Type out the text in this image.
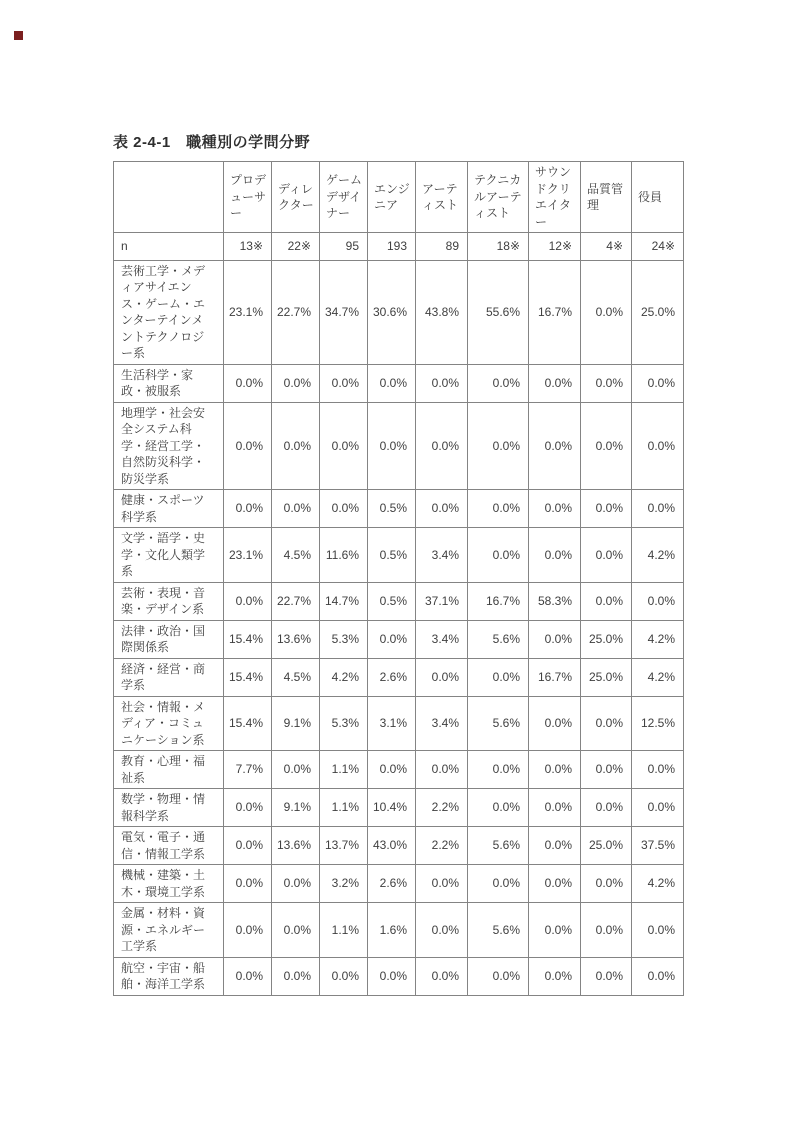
表 2-4-1　職種別の学問分野
	プロデューサー	ディレクター	ゲームデザイナー	エンジニア	アーティスト	テクニカルアーティスト	サウンドクリエイター	品質管理	役員
n	13※	22※	95	193	89	18※	12※	4※	24※
芸術工学・メディアサイエンス・ゲーム・エンターテインメントテクノロジー系	23.1%	22.7%	34.7%	30.6%	43.8%	55.6%	16.7%	0.0%	25.0%
生活科学・家政・被服系	0.0%	0.0%	0.0%	0.0%	0.0%	0.0%	0.0%	0.0%	0.0%
地理学・社会安全システム科学・経営工学・自然防災科学・防災学系	0.0%	0.0%	0.0%	0.0%	0.0%	0.0%	0.0%	0.0%	0.0%
健康・スポーツ科学系	0.0%	0.0%	0.0%	0.5%	0.0%	0.0%	0.0%	0.0%	0.0%
文学・語学・史学・文化人類学系	23.1%	4.5%	11.6%	0.5%	3.4%	0.0%	0.0%	0.0%	4.2%
芸術・表現・音楽・デザイン系	0.0%	22.7%	14.7%	0.5%	37.1%	16.7%	58.3%	0.0%	0.0%
法律・政治・国際関係系	15.4%	13.6%	5.3%	0.0%	3.4%	5.6%	0.0%	25.0%	4.2%
経済・経営・商学系	15.4%	4.5%	4.2%	2.6%	0.0%	0.0%	16.7%	25.0%	4.2%
社会・情報・メディア・コミュニケーション系	15.4%	9.1%	5.3%	3.1%	3.4%	5.6%	0.0%	0.0%	12.5%
教育・心理・福祉系	7.7%	0.0%	1.1%	0.0%	0.0%	0.0%	0.0%	0.0%	0.0%
数学・物理・情報科学系	0.0%	9.1%	1.1%	10.4%	2.2%	0.0%	0.0%	0.0%	0.0%
電気・電子・通信・情報工学系	0.0%	13.6%	13.7%	43.0%	2.2%	5.6%	0.0%	25.0%	37.5%
機械・建築・土木・環境工学系	0.0%	0.0%	3.2%	2.6%	0.0%	0.0%	0.0%	0.0%	4.2%
金属・材料・資源・エネルギー工学系	0.0%	0.0%	1.1%	1.6%	0.0%	5.6%	0.0%	0.0%	0.0%
航空・宇宙・船舶・海洋工学系	0.0%	0.0%	0.0%	0.0%	0.0%	0.0%	0.0%	0.0%	0.0%
